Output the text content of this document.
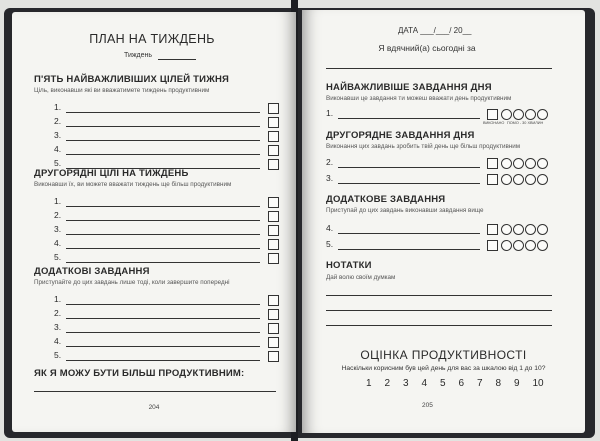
ПЛАН НА ТИЖДЕНЬ
Тиждень
П'ЯТЬ НАЙВАЖЛИВІШИХ ЦІЛЕЙ ТИЖНЯ
Ціль, виконавши які ви вважатимете тиждень продуктивним
1.
2.
3.
4.
5.
ДРУГОРЯДНІ ЦІЛІ НА ТИЖДЕНЬ
Виконавши їх, ви можете вважати тиждень ще більш продуктивним
1.
2.
3.
4.
5.
ДОДАТКОВІ ЗАВДАННЯ
Приступайте до цих завдань лише тоді, коли завершите попередні
1.
2.
3.
4.
5.
ЯК Я МОЖУ БУТИ БІЛЬШ ПРОДУКТИВНИМ:
204
ДАТА ___/___/ 20__
Я вдячний(а) сьогодні за
НАЙВАЖЛИВІШЕ ЗАВДАННЯ ДНЯ
Виконавши це завдання ти можеш вважати день продуктивним
1.
ДРУГОРЯДНЕ ЗАВДАННЯ ДНЯ
Виконання цих завдань зробить твій день ще більш продуктивним
2.
3.
ДОДАТКОВЕ ЗАВДАННЯ
Приступай до цих завдань виконавши завдання вище
4.
5.
ВИКОНАНО ПОМО - 30 ХВИЛИН
НОТАТКИ
Дай волю своїм думкам
ОЦІНКА ПРОДУКТИВНОСТІ
Наскільки корисним був цей день для вас за шкалою від 1 до 10?
1 2 3 4 5 6 7 8 9 10
205
